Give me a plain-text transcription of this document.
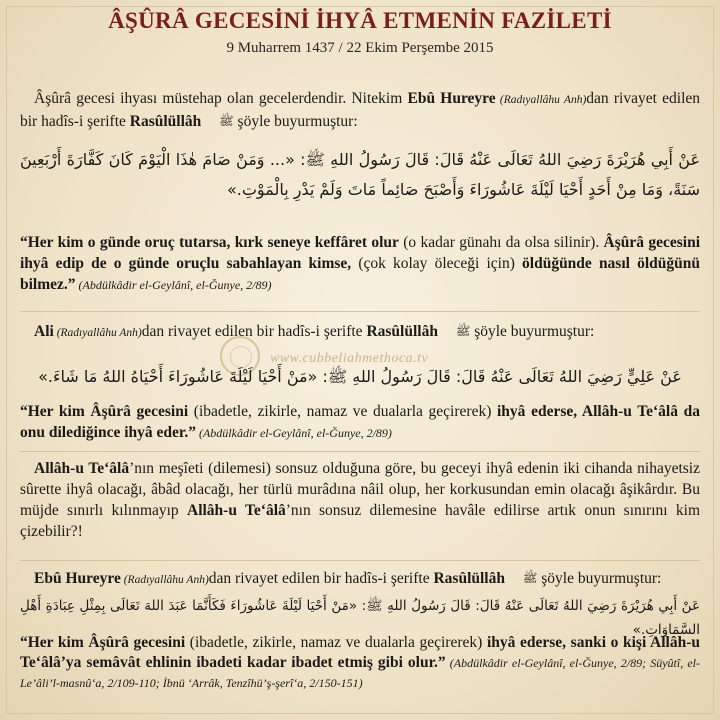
www.cubbeliahmethoca.tv
ÂŞÛRÂ GECESİNİ İHYÂ ETMENİN FAZİLETİ
9 Muharrem 1437 / 22 Ekim Perşembe 2015
Âşûrâ gecesi ihyası müstehap olan gecelerdendir. Nitekim Ebû Hureyre (Radıyallâhu Anh)dan rivayet edilen bir hadîs-i şerifte Rasûlüllâh ﷺ şöyle buyurmuştur:
عَنْ أَبِي هُرَيْرَةَ رَضِيَ اللهُ تَعَالَى عَنْهُ قَالَ: قَالَ رَسُولُ اللهِ ﷺ: «... وَمَنْ صَامَ هٰذَا الْيَوْمَ كَانَ كَفَّارَةَ أَرْبَعِينَ سَنَةً، وَمَا مِنْ أَحَدٍ أَحْيَا لَيْلَةَ عَاشُورَاءَ وَأَصْبَحَ صَائِماً مَاتَ وَلَمْ يَدْرِ بِالْمَوْتِ.»
“Her kim o günde oruç tutarsa, kırk seneye keffâret olur (o kadar günahı da olsa silinir). Âşûrâ gecesini ihyâ edip de o günde oruçlu sabahlayan kimse, (çok kolay öleceği için) öldüğünde nasıl öldüğünü bilmez.” (Abdülkâdir el-Geylânî, el-Ğunye, 2/89)
Ali (Radıyallâhu Anh)dan rivayet edilen bir hadîs-i şerifte Rasûlüllâh ﷺ şöyle buyurmuştur:
عَنْ عَلِيٍّ رَضِيَ اللهُ تَعَالَى عَنْهُ قَالَ: قَالَ رَسُولُ اللهِ ﷺ: «مَنْ أَحْيَا لَيْلَةَ عَاشُورَاءَ أَحْيَاهُ اللهُ مَا شَاءَ.»
“Her kim Âşûrâ gecesini (ibadetle, zikirle, namaz ve dualarla geçirerek) ihyâ ederse, Allâh-u Te‘âlâ da onu dilediğince ihyâ eder.” (Abdülkâdir el-Geylânî, el-Ğunye, 2/89)
Allâh-u Te‘âlâ’nın meşîeti (dilemesi) sonsuz olduğuna göre, bu geceyi ihyâ edenin iki cihanda nihayetsiz sûrette ihyâ olacağı, âbâd olacağı, her türlü murâdına nâil olup, her korkusundan emin olacağı âşikârdır. Bu müjde sınırlı kılınmayıp Allâh-u Te‘âlâ’nın sonsuz dilemesine havâle edilirse artık onun sınırını kim çizebilir?!
Ebû Hureyre (Radıyallâhu Anh)dan rivayet edilen bir hadîs-i şerifte Rasûlüllâh ﷺ şöyle buyurmuştur:
عَنْ أَبِي هُرَيْرَةَ رَضِيَ اللهُ تَعَالَى عَنْهُ قَالَ: قَالَ رَسُولُ اللهِ ﷺ: «مَنْ أَحْيَا لَيْلَةَ عَاشُورَاءَ فَكَأَنَّمَا عَبَدَ اللهَ تَعَالَى بِمِثْلِ عِبَادَةِ أَهْلِ السَّمَاوَاتِ.»
“Her kim Âşûrâ gecesini (ibadetle, zikirle, namaz ve dualarla geçirerek) ihyâ ederse, sanki o kişi Allâh-u Te‘âlâ’ya semâvât ehlinin ibadeti kadar ibadet etmiş gibi olur.” (Abdülkâdir el-Geylânî, el-Ğunye, 2/89; Süyûtî, el-Le’âli’l-masnû‘a, 2/109-110; İbnü ‘Arrâk, Tenzîhü’ş-şerî‘a, 2/150-151)
